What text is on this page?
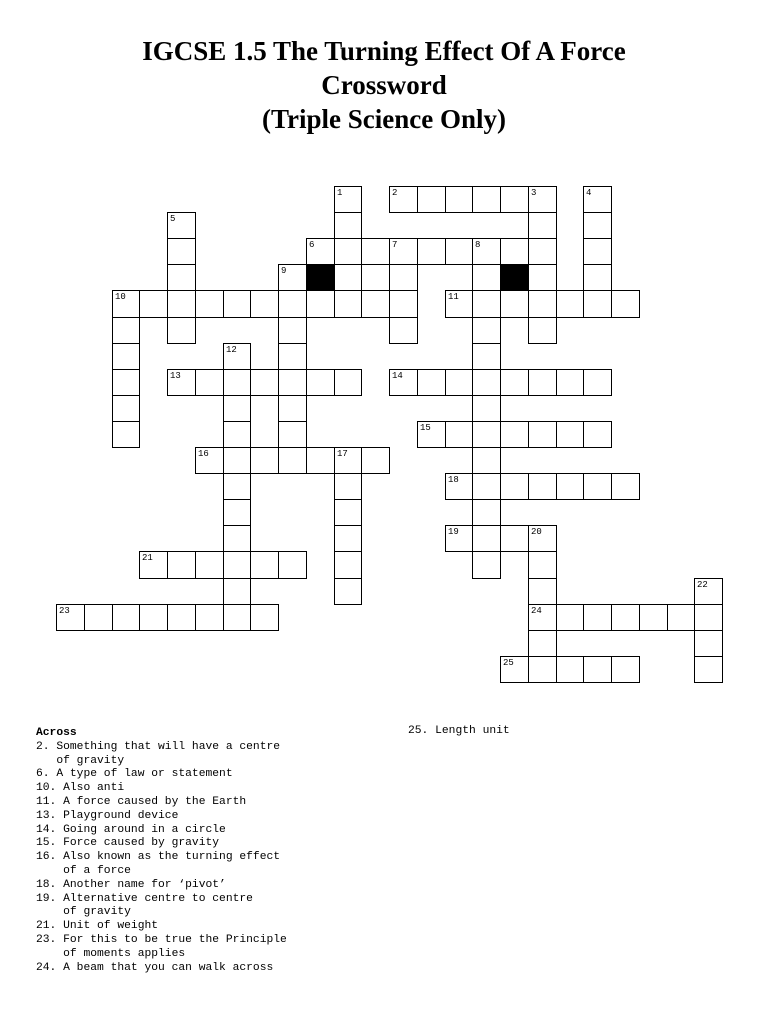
IGCSE 1.5 The Turning Effect Of A Force
Crossword
(Triple Science Only)
1	2	3	4
5
6	7	8
9
10	11
12
13	14
15
16	17
18
19	20
21
22
23	24
25
Across
2. Something that will have a centre
of gravity
6. A type of law or statement
10. Also anti
11. A force caused by the Earth
13. Playground device
14. Going around in a circle
15. Force caused by gravity
16. Also known as the turning effect
of a force
18. Another name for ‘pivot’
19. Alternative centre to centre
of gravity
21. Unit of weight
23. For this to be true the Principle
of moments applies
24. A beam that you can walk across
25. Length unit
